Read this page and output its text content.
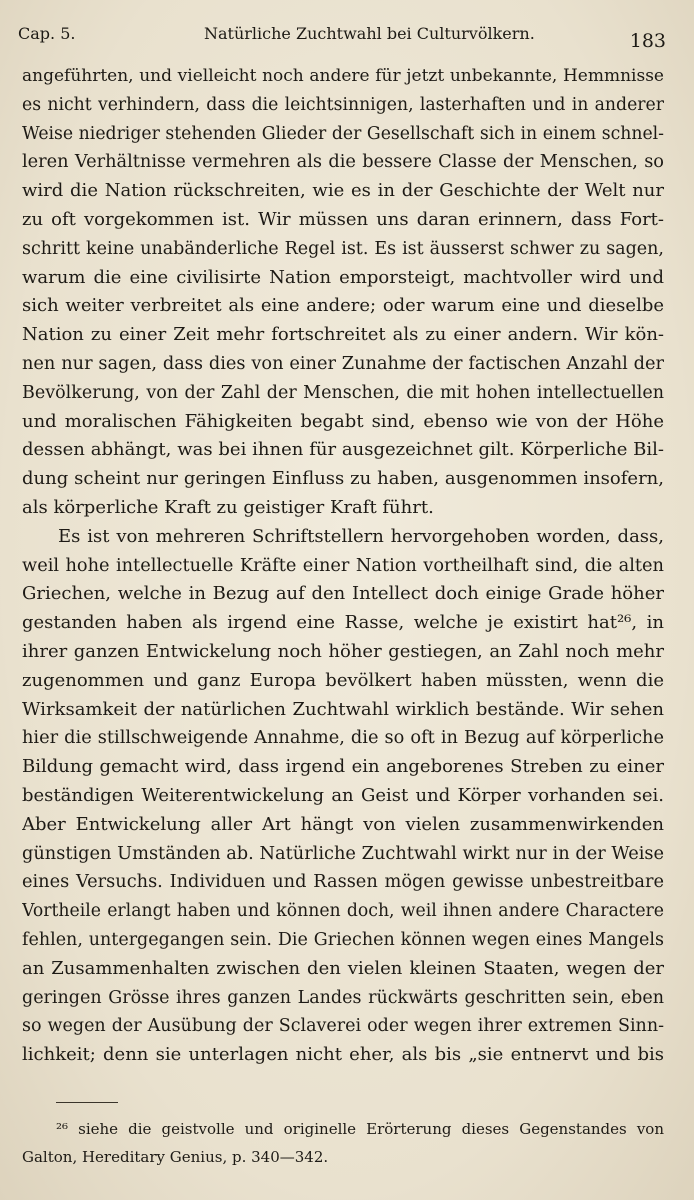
Cap. 5.	Natürliche Zuchtwahl bei Culturvölkern.	183
angeführten, und vielleicht noch andere für jetzt unbekannte, Hemmnisse
es nicht verhindern, dass die leichtsinnigen, lasterhaften und in anderer
Weise niedriger stehenden Glieder der Gesellschaft sich in einem schnel-
leren Verhältnisse vermehren als die bessere Classe der Menschen, so
wird die Nation rückschreiten, wie es in der Geschichte der Welt nur
zu oft vorgekommen ist. Wir müssen uns daran erinnern, dass Fort-
schritt keine unabänderliche Regel ist. Es ist äusserst schwer zu sagen,
warum die eine civilisirte Nation emporsteigt, machtvoller wird und
sich weiter verbreitet als eine andere; oder warum eine und dieselbe
Nation zu einer Zeit mehr fortschreitet als zu einer andern. Wir kön-
nen nur sagen, dass dies von einer Zunahme der factischen Anzahl der
Bevölkerung, von der Zahl der Menschen, die mit hohen intellectuellen
und moralischen Fähigkeiten begabt sind, ebenso wie von der Höhe
dessen abhängt, was bei ihnen für ausgezeichnet gilt. Körperliche Bil-
dung scheint nur geringen Einfluss zu haben, ausgenommen insofern,
als körperliche Kraft zu geistiger Kraft führt.
Es ist von mehreren Schriftstellern hervorgehoben worden, dass,
weil hohe intellectuelle Kräfte einer Nation vortheilhaft sind, die alten
Griechen, welche in Bezug auf den Intellect doch einige Grade höher
gestanden haben als irgend eine Rasse, welche je existirt hat²⁶, in
ihrer ganzen Entwickelung noch höher gestiegen, an Zahl noch mehr
zugenommen und ganz Europa bevölkert haben müssten, wenn die
Wirksamkeit der natürlichen Zuchtwahl wirklich bestände. Wir sehen
hier die stillschweigende Annahme, die so oft in Bezug auf körperliche
Bildung gemacht wird, dass irgend ein angeborenes Streben zu einer
beständigen Weiterentwickelung an Geist und Körper vorhanden sei.
Aber Entwickelung aller Art hängt von vielen zusammenwirkenden
günstigen Umständen ab. Natürliche Zuchtwahl wirkt nur in der Weise
eines Versuchs. Individuen und Rassen mögen gewisse unbestreitbare
Vortheile erlangt haben und können doch, weil ihnen andere Charactere
fehlen, untergegangen sein. Die Griechen können wegen eines Mangels
an Zusammenhalten zwischen den vielen kleinen Staaten, wegen der
geringen Grösse ihres ganzen Landes rückwärts geschritten sein, eben
so wegen der Ausübung der Sclaverei oder wegen ihrer extremen Sinn-
lichkeit; denn sie unterlagen nicht eher, als bis „sie entnervt und bis
²⁶ siehe die geistvolle und originelle Erörterung dieses Gegenstandes von
Galton, Hereditary Genius, p. 340—342.
